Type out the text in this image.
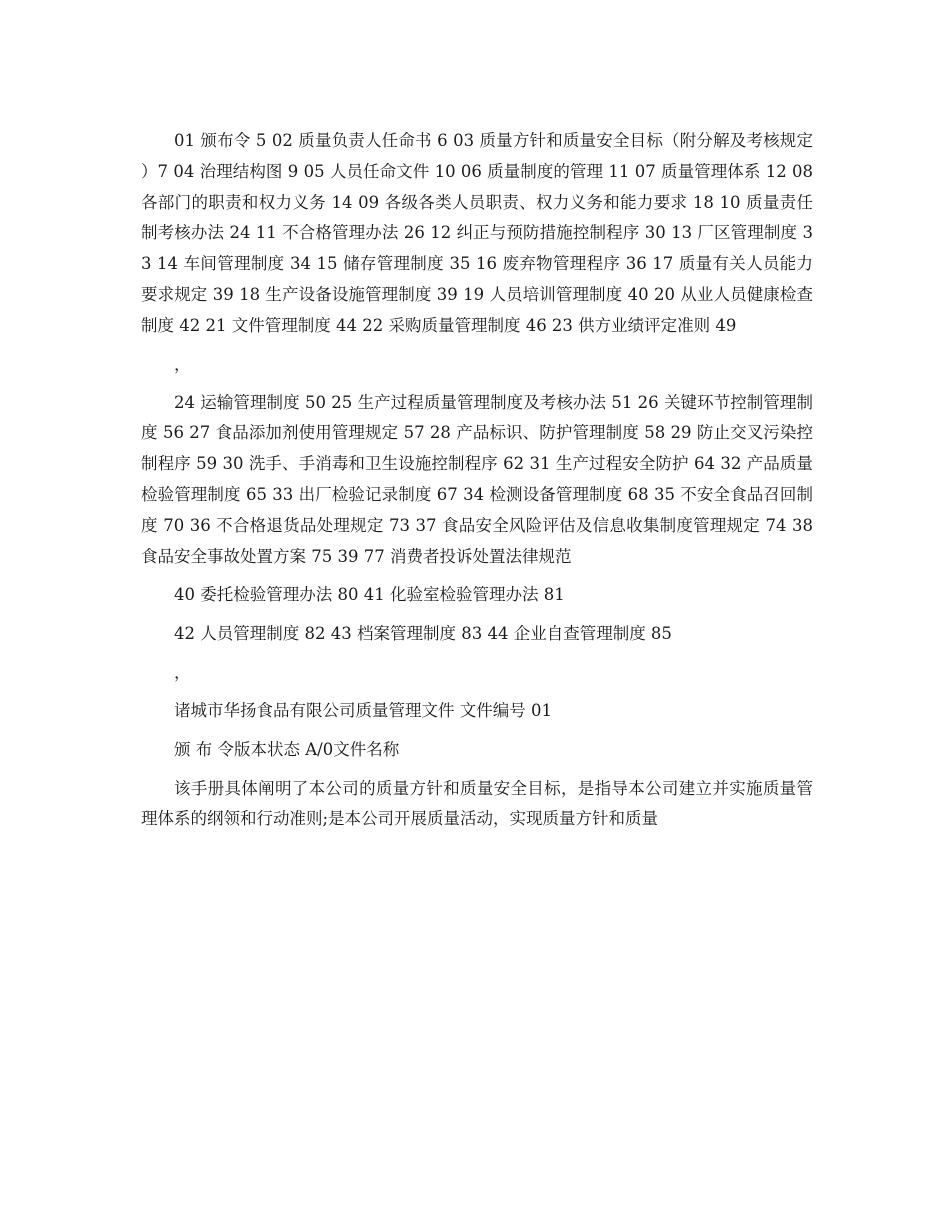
01 颁布令 5 02 质量负责人任命书 6 03 质量方针和质量安全目标（附分解及考核规定）7 04 治理结构图 9 05 人员任命文件 10 06 质量制度的管理 11 07 质量管理体系 12 08 各部门的职责和权力义务 14 09 各级各类人员职责、权力义务和能力要求 18 10 质量责任制考核办法 24 11 不合格管理办法 26 12 纠正与预防措施控制程序 30 13 厂区管理制度 33 14 车间管理制度 34 15 储存管理制度 35 16 废弃物管理程序 36 17 质量有关人员能力要求规定 39 18 生产设备设施管理制度 39 19 人员培训管理制度 40 20 从业人员健康检查制度 42 21 文件管理制度 44 22 采购质量管理制度 46 23 供方业绩评定准则 49

，

24 运输管理制度 50 25 生产过程质量管理制度及考核办法 51 26 关键环节控制管理制度 56 27 食品添加剂使用管理规定 57 28 产品标识、防护管理制度 58 29 防止交叉污染控制程序 59 30 洗手、手消毒和卫生设施控制程序 62 31 生产过程安全防护 64 32 产品质量检验管理制度 65 33 出厂检验记录制度 67 34 检测设备管理制度 68 35 不安全食品召回制度 70 36 不合格退货品处理规定 73 37 食品安全风险评估及信息收集制度管理规定 74 38 食品安全事故处置方案 75 39 77 消费者投诉处置法律规范

40 委托检验管理办法 80 41 化验室检验管理办法 81

42 人员管理制度 82 43 档案管理制度 83 44 企业自查管理制度 85

，

诸城市华扬食品有限公司质量管理文件 文件编号 01

颁 布 令版本状态 A/0文件名称

该手册具体阐明了本公司的质量方针和质量安全目标，是指导本公司建立并实施质量管理体系的纲领和行动准则;是本公司开展质量活动，实现质量方针和质量
